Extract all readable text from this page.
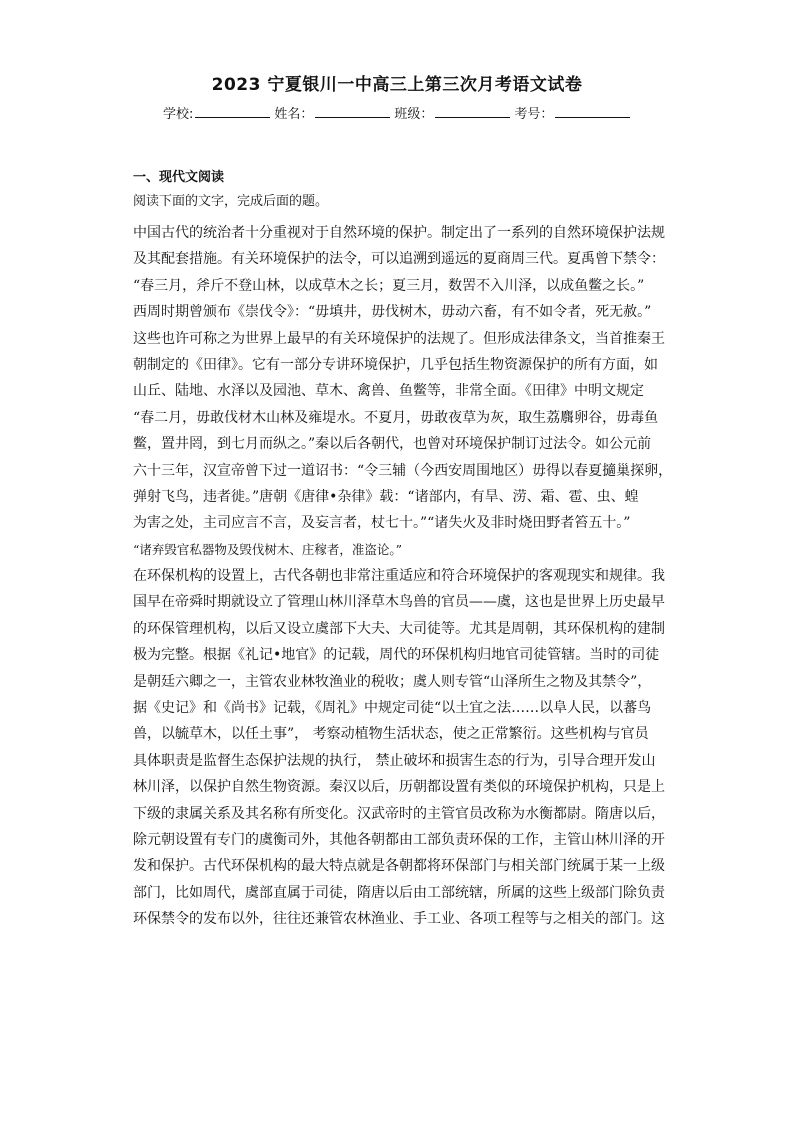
2023 宁夏银川一中高三上第三次月考语文试卷
学校:	姓名：	班级：	考号：
一、现代文阅读
阅读下面的文字，完成后面的题。
中国古代的统治者十分重视对于自然环境的保护。制定出了一系列的自然环境保护法规
及其配套措施。有关环境保护的法令，可以追溯到遥远的夏商周三代。夏禹曾下禁令：
“春三月，斧斤不登山林，以成草木之长；夏三月，数罟不入川泽，以成鱼鳖之长。”
西周时期曾颁布《崇伐令》：“毋填井，毋伐树木，毋动六畜，有不如令者，死无赦。”
这些也许可称之为世界上最早的有关环境保护的法规了。但形成法律条文，当首推秦王
朝制定的《田律》。它有一部分专讲环境保护，几乎包括生物资源保护的所有方面，如
山丘、陆地、水泽以及园池、草木、禽兽、鱼鳖等，非常全面。《田律》中明文规定
“春二月，毋敢伐材木山林及雍堤水。不夏月，毋敢夜草为灰，取生荔麛卵谷，毋毒鱼
鳖，置井罔，到七月而纵之。”秦以后各朝代，也曾对环境保护制订过法令。如公元前
六十三年，汉宣帝曾下过一道诏书：“令三辅（今西安周围地区）毋得以春夏擿巢探卵，
弹射飞鸟，违者徙。”唐朝《唐律•杂律》载：“诸部内，有旱、涝、霜、雹、虫、蝗
为害之处，主司应言不言，及妄言者，杖七十。”“诸失火及非时烧田野者笞五十。”
“诸弃毁官私器物及毁伐树木、庄稼者，准盗论。”
在环保机构的设置上，古代各朝也非常注重适应和符合环境保护的客观现实和规律。我
国早在帝舜时期就设立了管理山林川泽草木鸟兽的官员——虞，这也是世界上历史最早
的环保管理机构，以后又设立虞部下大夫、大司徒等。尤其是周朝，其环保机构的建制
极为完整。根据《礼记•地官》的记载，周代的环保机构归地官司徒管辖。当时的司徒
是朝廷六卿之一，主管农业林牧渔业的税收；虞人则专管“山泽所生之物及其禁令”，
据《史记》和《尚书》记载，《周礼》中规定司徒“以土宜之法……以阜人民，以蕃鸟
兽，以毓草木，以任土事”， 考察动植物生活状态，使之正常繁衍。这些机构与官员
具体职责是监督生态保护法规的执行， 禁止破坏和损害生态的行为，引导合理开发山
林川泽，以保护自然生物资源。秦汉以后，历朝都设置有类似的环境保护机构，只是上
下级的隶属关系及其名称有所变化。汉武帝时的主管官员改称为水衡都尉。隋唐以后，
除元朝设置有专门的虞衡司外，其他各朝都由工部负责环保的工作，主管山林川泽的开
发和保护。古代环保机构的最大特点就是各朝都将环保部门与相关部门统属于某一上级
部门，比如周代，虞部直属于司徒，隋唐以后由工部统辖，所属的这些上级部门除负责
环保禁令的发布以外，往往还兼管农林渔业、手工业、各项工程等与之相关的部门。这
